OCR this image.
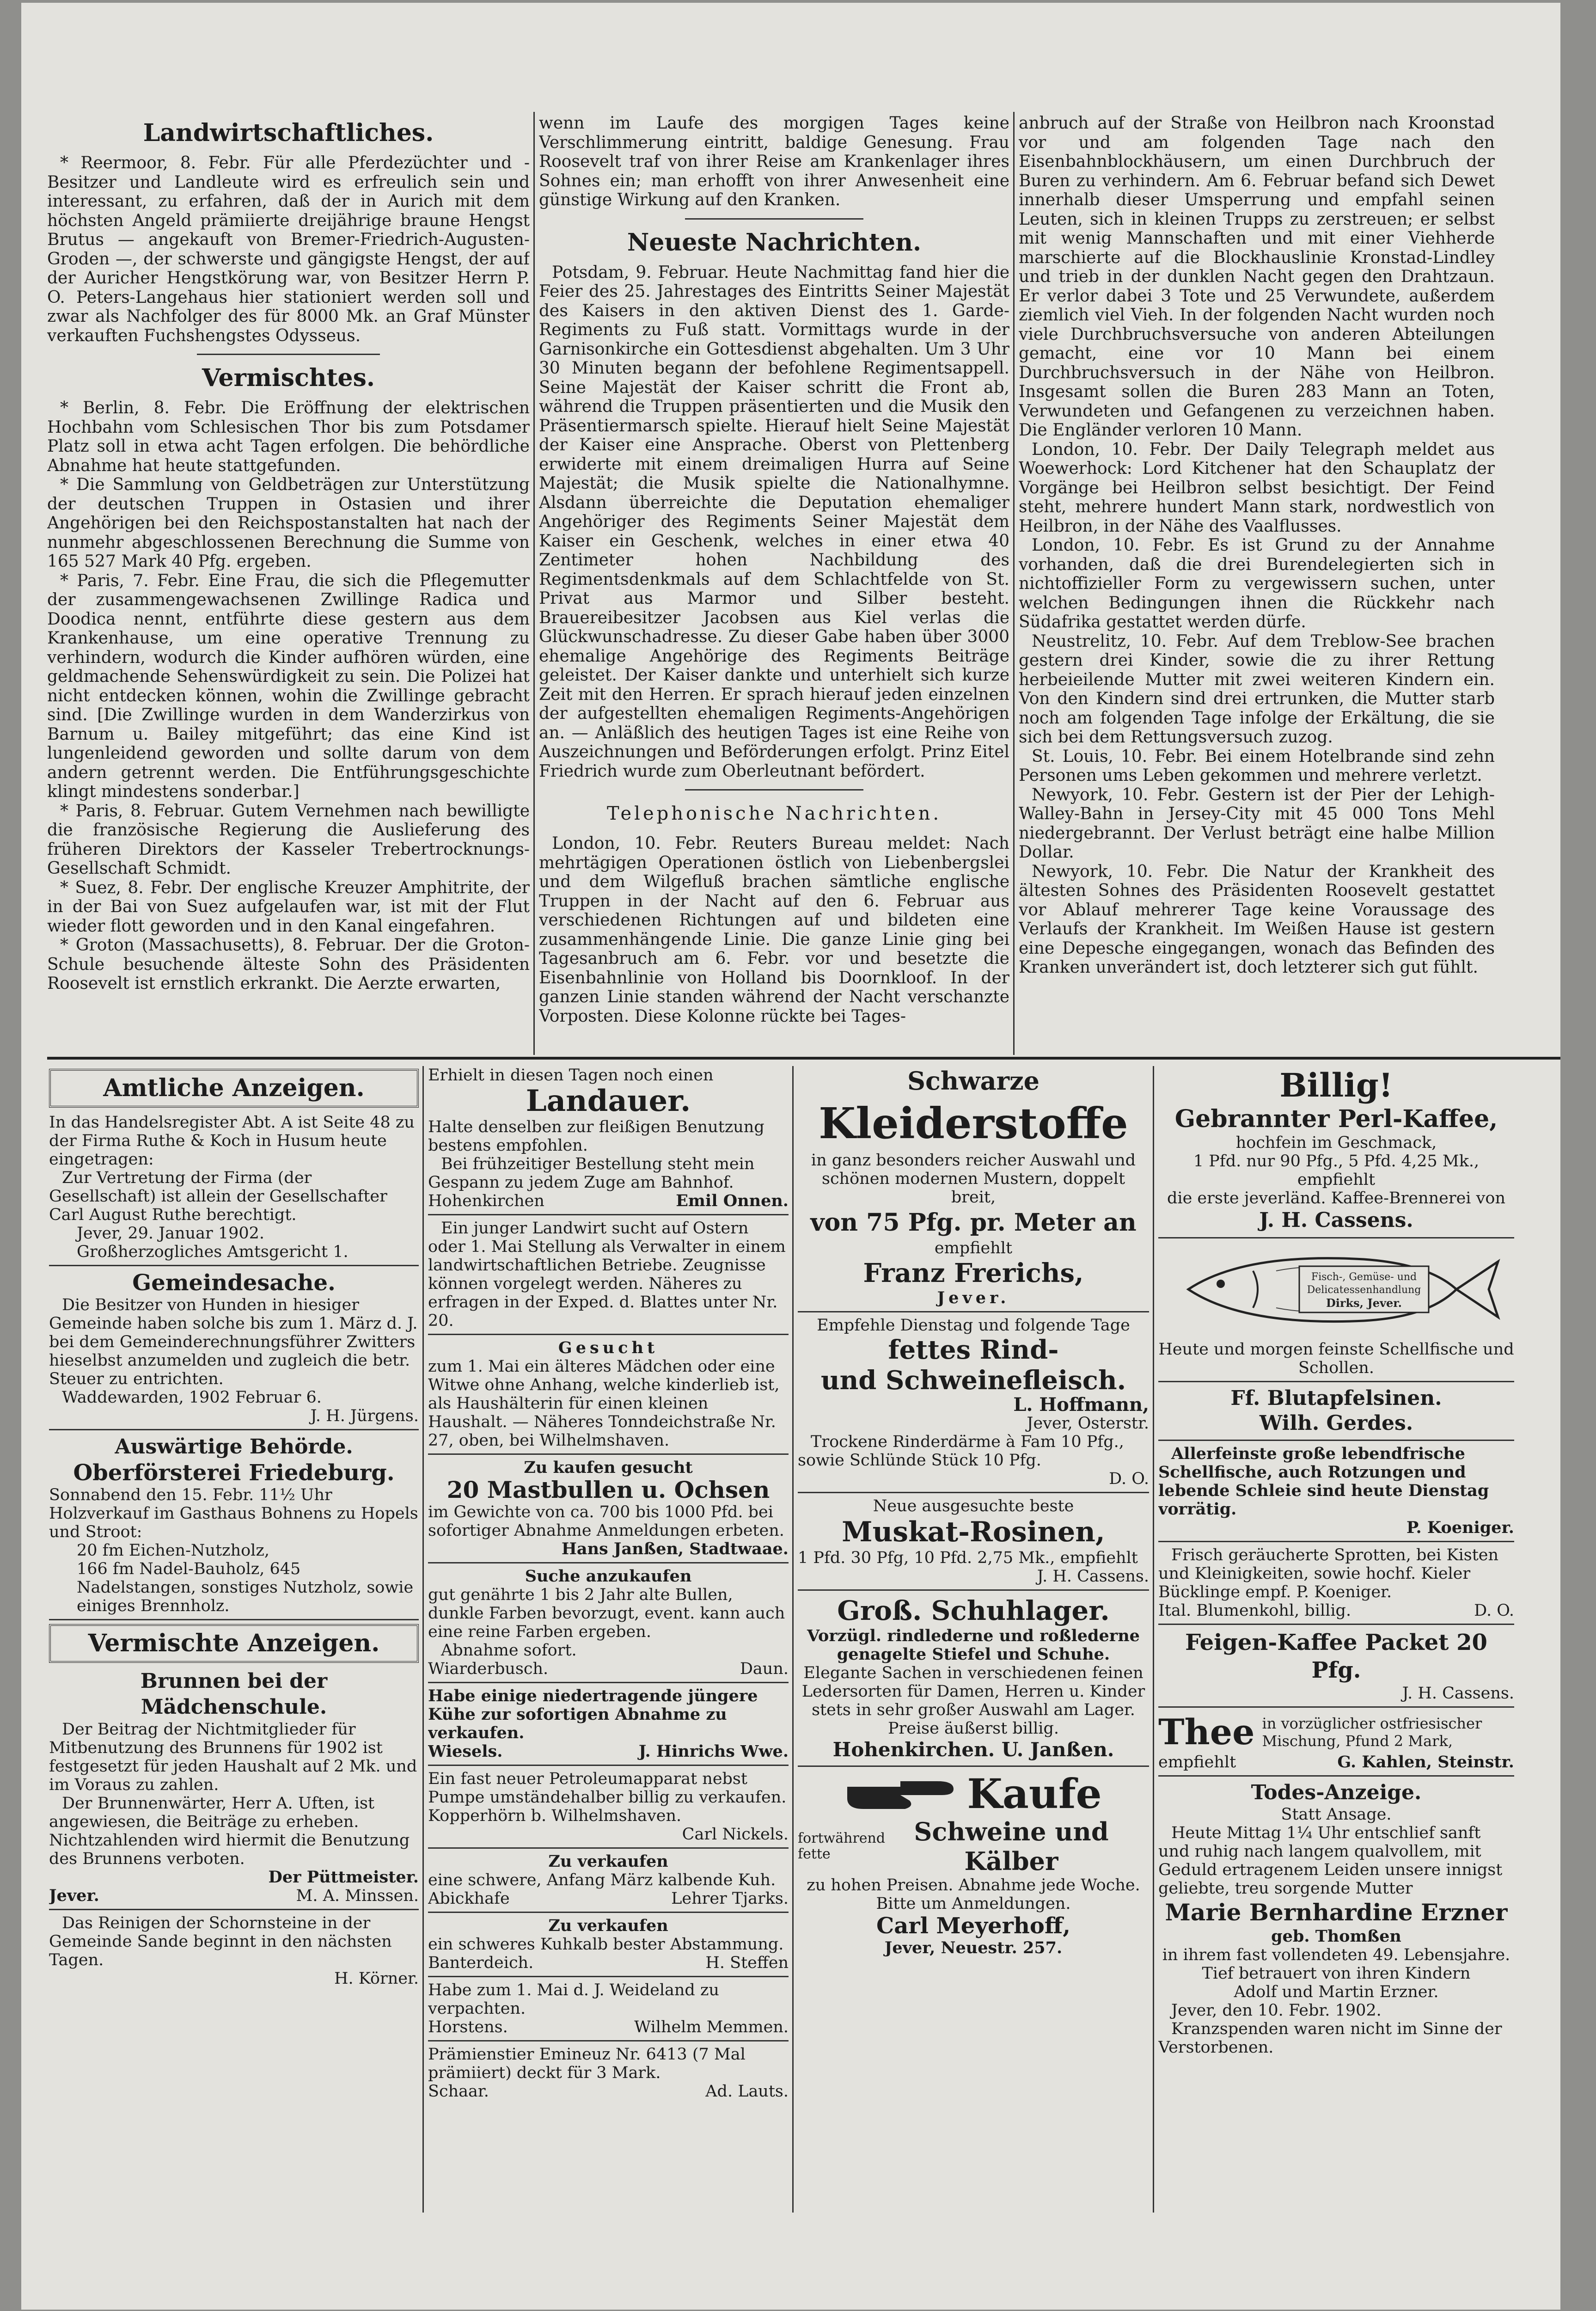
Landwirtschaftliches.

* Reermoor, 8. Febr. Für alle Pferdezüchter und -Besitzer und Landleute wird es erfreulich sein und interessant, zu erfahren, daß der in Aurich mit dem höchsten Angeld prämiierte dreijährige braune Hengst Brutus — angekauft von Bremer-Friedrich-Augusten-Groden —, der schwerste und gängigste Hengst, der auf der Auricher Hengstkörung war, von Besitzer Herrn P. O. Peters-Langehaus hier stationiert werden soll und zwar als Nachfolger des für 8000 Mk. an Graf Münster verkauften Fuchshengstes Odysseus.

Vermischtes.

* Berlin, 8. Febr. Die Eröffnung der elektrischen Hochbahn vom Schlesischen Thor bis zum Potsdamer Platz soll in etwa acht Tagen erfolgen. Die behördliche Abnahme hat heute stattgefunden.

* Die Sammlung von Geldbeträgen zur Unterstützung der deutschen Truppen in Ostasien und ihrer Angehörigen bei den Reichspostanstalten hat nach der nunmehr abgeschlossenen Berechnung die Summe von 165 527 Mark 40 Pfg. ergeben.

* Paris, 7. Febr. Eine Frau, die sich die Pflegemutter der zusammengewachsenen Zwillinge Radica und Doodica nennt, entführte diese gestern aus dem Krankenhause, um eine operative Trennung zu verhindern, wodurch die Kinder aufhören würden, eine geldmachende Sehenswürdigkeit zu sein. Die Polizei hat nicht entdecken können, wohin die Zwillinge gebracht sind. [Die Zwillinge wurden in dem Wanderzirkus von Barnum u. Bailey mitgeführt; das eine Kind ist lungenleidend geworden und sollte darum von dem andern getrennt werden. Die Entführungsgeschichte klingt mindestens sonderbar.]

* Paris, 8. Februar. Gutem Vernehmen nach bewilligte die französische Regierung die Auslieferung des früheren Direktors der Kasseler Trebertrocknungs-Gesellschaft Schmidt.

* Suez, 8. Febr. Der englische Kreuzer Amphitrite, der in der Bai von Suez aufgelaufen war, ist mit der Flut wieder flott geworden und in den Kanal eingefahren.

* Groton (Massachusetts), 8. Februar. Der die Groton-Schule besuchende älteste Sohn des Präsidenten Roosevelt ist ernstlich erkrankt. Die Aerzte erwarten,

wenn im Laufe des morgigen Tages keine Verschlimmerung eintritt, baldige Genesung. Frau Roosevelt traf von ihrer Reise am Krankenlager ihres Sohnes ein; man erhofft von ihrer Anwesenheit eine günstige Wirkung auf den Kranken.

Neueste Nachrichten.

Potsdam, 9. Februar. Heute Nachmittag fand hier die Feier des 25. Jahrestages des Eintritts Seiner Majestät des Kaisers in den aktiven Dienst des 1. Garde-Regiments zu Fuß statt. Vormittags wurde in der Garnisonkirche ein Gottesdienst abgehalten. Um 3 Uhr 30 Minuten begann der befohlene Regimentsappell. Seine Majestät der Kaiser schritt die Front ab, während die Truppen präsentierten und die Musik den Präsentiermarsch spielte. Hierauf hielt Seine Majestät der Kaiser eine Ansprache. Oberst von Plettenberg erwiderte mit einem dreimaligen Hurra auf Seine Majestät; die Musik spielte die Nationalhymne. Alsdann überreichte die Deputation ehemaliger Angehöriger des Regiments Seiner Majestät dem Kaiser ein Geschenk, welches in einer etwa 40 Zentimeter hohen Nachbildung des Regimentsdenkmals auf dem Schlachtfelde von St. Privat aus Marmor und Silber besteht. Brauereibesitzer Jacobsen aus Kiel verlas die Glückwunschadresse. Zu dieser Gabe haben über 3000 ehemalige Angehörige des Regiments Beiträge geleistet. Der Kaiser dankte und unterhielt sich kurze Zeit mit den Herren. Er sprach hierauf jeden einzelnen der aufgestellten ehemaligen Regiments-Angehörigen an. — Anläßlich des heutigen Tages ist eine Reihe von Auszeichnungen und Beförderungen erfolgt. Prinz Eitel Friedrich wurde zum Oberleutnant befördert.

Telephonische Nachrichten.

London, 10. Febr. Reuters Bureau meldet: Nach mehrtägigen Operationen östlich von Liebenbergslei und dem Wilgefluß brachen sämtliche englische Truppen in der Nacht auf den 6. Februar aus verschiedenen Richtungen auf und bildeten eine zusammenhängende Linie. Die ganze Linie ging bei Tagesanbruch am 6. Febr. vor und besetzte die Eisenbahnlinie von Holland bis Doornkloof. In der ganzen Linie standen während der Nacht verschanzte Vorposten. Diese Kolonne rückte bei Tages-

anbruch auf der Straße von Heilbron nach Kroonstad vor und am folgenden Tage nach den Eisenbahnblockhäusern, um einen Durchbruch der Buren zu verhindern. Am 6. Februar befand sich Dewet innerhalb dieser Umsperrung und empfahl seinen Leuten, sich in kleinen Trupps zu zerstreuen; er selbst mit wenig Mannschaften und mit einer Viehherde marschierte auf die Blockhauslinie Kronstad-Lindley und trieb in der dunklen Nacht gegen den Drahtzaun. Er verlor dabei 3 Tote und 25 Verwundete, außerdem ziemlich viel Vieh. In der folgenden Nacht wurden noch viele Durchbruchsversuche von anderen Abteilungen gemacht, eine vor 10 Mann bei einem Durchbruchsversuch in der Nähe von Heilbron. Insgesamt sollen die Buren 283 Mann an Toten, Verwundeten und Gefangenen zu verzeichnen haben. Die Engländer verloren 10 Mann.

London, 10. Febr. Der Daily Telegraph meldet aus Woewerhock: Lord Kitchener hat den Schauplatz der Vorgänge bei Heilbron selbst besichtigt. Der Feind steht, mehrere hundert Mann stark, nordwestlich von Heilbron, in der Nähe des Vaalflusses.

London, 10. Febr. Es ist Grund zu der Annahme vorhanden, daß die drei Burendelegierten sich in nichtoffizieller Form zu vergewissern suchen, unter welchen Bedingungen ihnen die Rückkehr nach Südafrika gestattet werden dürfe.

Neustrelitz, 10. Febr. Auf dem Treblow-See brachen gestern drei Kinder, sowie die zu ihrer Rettung herbeieilende Mutter mit zwei weiteren Kindern ein. Von den Kindern sind drei ertrunken, die Mutter starb noch am folgenden Tage infolge der Erkältung, die sie sich bei dem Rettungsversuch zuzog.

St. Louis, 10. Febr. Bei einem Hotelbrande sind zehn Personen ums Leben gekommen und mehrere verletzt.

Newyork, 10. Febr. Gestern ist der Pier der Lehigh-Walley-Bahn in Jersey-City mit 45 000 Tons Mehl niedergebrannt. Der Verlust beträgt eine halbe Million Dollar.

Newyork, 10. Febr. Die Natur der Krankheit des ältesten Sohnes des Präsidenten Roosevelt gestattet vor Ablauf mehrerer Tage keine Voraussage des Verlaufs der Krankheit. Im Weißen Hause ist gestern eine Depesche eingegangen, wonach das Befinden des Kranken unverändert ist, doch letzterer sich gut fühlt.

Amtliche Anzeigen.
In das Handelsregister Abt. A ist Seite 48 zu der Firma Ruthe & Koch in Husum heute eingetragen:
Zur Vertretung der Firma (der Gesellschaft) ist allein der Gesellschafter Carl August Ruthe berechtigt.
Jever, 29. Januar 1902.
Großherzogliches Amtsgericht 1.
Gemeindesache.
Die Besitzer von Hunden in hiesiger Gemeinde haben solche bis zum 1. März d. J. bei dem Gemeinderechnungsführer Zwitters hieselbst anzumelden und zugleich die betr. Steuer zu entrichten.
Waddewarden, 1902 Februar 6.
J. H. Jürgens.
Auswärtige Behörde.
Oberförsterei Friedeburg.
Sonnabend den 15. Febr. 11½ Uhr Holzverkauf im Gasthaus Bohnens zu Hopels und Stroot:
20 fm Eichen-Nutzholz,
166 fm Nadel-Bauholz, 645 Nadelstangen, sonstiges Nutzholz, sowie einiges Brennholz.
Vermischte Anzeigen.
Brunnen bei der Mädchenschule.
Der Beitrag der Nichtmitglieder für Mitbenutzung des Brunnens für 1902 ist festgesetzt für jeden Haushalt auf 2 Mk. und im Voraus zu zahlen.
Der Brunnenwärter, Herr A. Uften, ist angewiesen, die Beiträge zu erheben. Nichtzahlenden wird hiermit die Benutzung des Brunnens verboten.
Der Püttmeister.
Jever.	M. A. Minssen.
Das Reinigen der Schornsteine in der Gemeinde Sande beginnt in den nächsten Tagen.
H. Körner.
Erhielt in diesen Tagen noch einen
Landauer.
Halte denselben zur fleißigen Benutzung bestens empfohlen.
Bei frühzeitiger Bestellung steht mein Gespann zu jedem Zuge am Bahnhof.
Hohenkirchen	Emil Onnen.
Ein junger Landwirt sucht auf Ostern oder 1. Mai Stellung als Verwalter in einem landwirtschaftlichen Betriebe. Zeugnisse können vorgelegt werden. Näheres zu erfragen in der Exped. d. Blattes unter Nr. 20.
Gesucht
zum 1. Mai ein älteres Mädchen oder eine Witwe ohne Anhang, welche kinderlieb ist, als Haushälterin für einen kleinen Haushalt. — Näheres Tonndeichstraße Nr. 27, oben, bei Wilhelmshaven.
Zu kaufen gesucht
20 Mastbullen u. Ochsen
im Gewichte von ca. 700 bis 1000 Pfd. bei sofortiger Abnahme Anmeldungen erbeten.
Hans Janßen, Stadtwaae.
Suche anzukaufen
gut genährte 1 bis 2 Jahr alte Bullen, dunkle Farben bevorzugt, event. kann auch eine reine Farben ergeben.
Abnahme sofort.
Wiarderbusch.	Daun.
Habe einige niedertragende jüngere Kühe zur sofortigen Abnahme zu verkaufen.
Wiesels.	J. Hinrichs Wwe.
Ein fast neuer Petroleumapparat nebst Pumpe umständehalber billig zu verkaufen.
Kopperhörn b. Wilhelmshaven.
Carl Nickels.
Zu verkaufen
eine schwere, Anfang März kalbende Kuh.
Abickhafe	Lehrer Tjarks.
Zu verkaufen
ein schweres Kuhkalb bester Abstammung.
Banterdeich.	H. Steffen
Habe zum 1. Mai d. J. Weideland zu verpachten.
Horstens.	Wilhelm Memmen.
Prämienstier Emineuz Nr. 6413 (7 Mal prämiiert) deckt für 3 Mark.
Schaar.	Ad. Lauts.
Schwarze
Kleiderstoffe
in ganz besonders reicher Auswahl und schönen modernen Mustern, doppelt breit,
von 75 Pfg. pr. Meter an
empfiehlt
Franz Frerichs,
Jever.
Empfehle Dienstag und folgende Tage
fettes Rind-
und Schweinefleisch.
L. Hoffmann,
Jever, Osterstr.
Trockene Rinderdärme à Fam 10 Pfg., sowie Schlünde Stück 10 Pfg.
D. O.
Neue ausgesuchte beste
Muskat-Rosinen,
1 Pfd. 30 Pfg, 10 Pfd. 2,75 Mk., empfiehlt
J. H. Cassens.
Groß. Schuhlager.
Vorzügl. rindlederne und roßlederne genagelte Stiefel und Schuhe.
Elegante Sachen in verschiedenen feinen Ledersorten für Damen, Herren u. Kinder stets in sehr großer Auswahl am Lager. Preise äußerst billig.
Hohenkirchen. U. Janßen.
Kaufe
fortwährend fette
Schweine und Kälber
zu hohen Preisen. Abnahme jede Woche. Bitte um Anmeldungen.
Carl Meyerhoff,
Jever, Neuestr. 257.
Billig!
Gebrannter Perl-Kaffee,
hochfein im Geschmack,
1 Pfd. nur 90 Pfg., 5 Pfd. 4,25 Mk.,
empfiehlt
die erste jeverländ. Kaffee-Brennerei von
J. H. Cassens.
Fisch-, Gemüse- und
Delicatessenhandlung
Dirks, Jever.
Heute und morgen feinste Schellfische und Schollen.
Ff. Blutapfelsinen.
Wilh. Gerdes.
Allerfeinste große lebendfrische Schellfische, auch Rotzungen und lebende Schleie sind heute Dienstag vorrätig.
P. Koeniger.
Frisch geräucherte Sprotten, bei Kisten und Kleinigkeiten, sowie hochf. Kieler Bücklinge empf. P. Koeniger.
Ital. Blumenkohl, billig.	D. O.
Feigen-Kaffee Packet 20 Pfg.
J. H. Cassens.
Thee in vorzüglicher ostfriesischer Mischung, Pfund 2 Mark,
empfiehlt	G. Kahlen, Steinstr.
Todes-Anzeige.
Statt Ansage.
Heute Mittag 1¼ Uhr entschlief sanft und ruhig nach langem qualvollem, mit Geduld ertragenem Leiden unsere innigst geliebte, treu sorgende Mutter
Marie Bernhardine Erzner
geb. Thomßen
in ihrem fast vollendeten 49. Lebensjahre.
Tief betrauert von ihren Kindern
Adolf und Martin Erzner.
Jever, den 10. Febr. 1902.
Kranzspenden waren nicht im Sinne der Verstorbenen.
